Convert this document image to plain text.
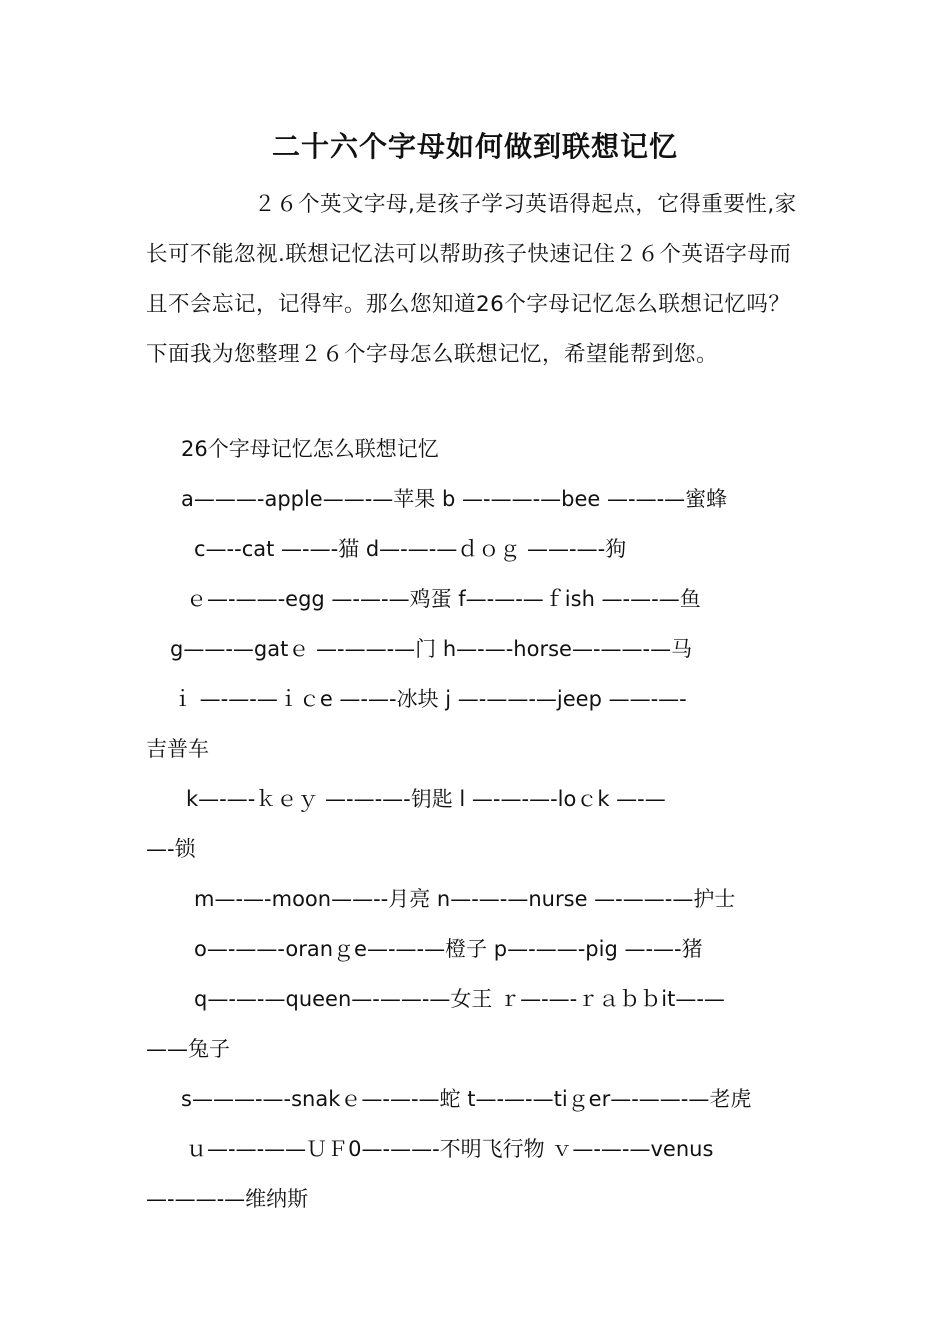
二十六个字母如何做到联想记忆

２６个英文字母,是孩子学习英语得起点，它得重要性,家长可不能忽视.联想记忆法可以帮助孩子快速记住２６个英语字母而且不会忘记，记得牢。那么您知道26个字母记忆怎么联想记忆吗？下面我为您整理２６个字母怎么联想记忆，希望能帮到您。

26个字母记忆怎么联想记忆
a———-apple——-—苹果 b —-——-—bee —-—-—蜜蜂
c—--cat —-—-猫 d—-—-—ｄｏｇ ——-—-狗
ｅ—-——-egg —-—-—鸡蛋 f—-—-—ｆish —-—-—鱼
g——-—gatｅ —-——-—门 h—-—-horse—-——-—马
ｉ —-—-—ｉｃe —-—-冰块 j —-——-—jeep ——-—-
吉普车
k—-—-ｋｅｙ —-—-—-钥匙 l —-—-—-loｃk —-—
—-锁
m—-—-moon——--月亮 n—-—-—nurse —-——-—护士
o—-——-oranｇe—-—-—橙子 p—-——-pig —-—-猪
q—-—-—queen—-——-—女王 ｒ—-—-ｒａｂｂit—-—
——兔子
s———-—-snakｅ—-—-—蛇 t—-—-—tiｇer—-——-—老虎
ｕ—-—-——ＵＦ0—-——-不明飞行物 ｖ—-—-—venus
—-——-—维纳斯
